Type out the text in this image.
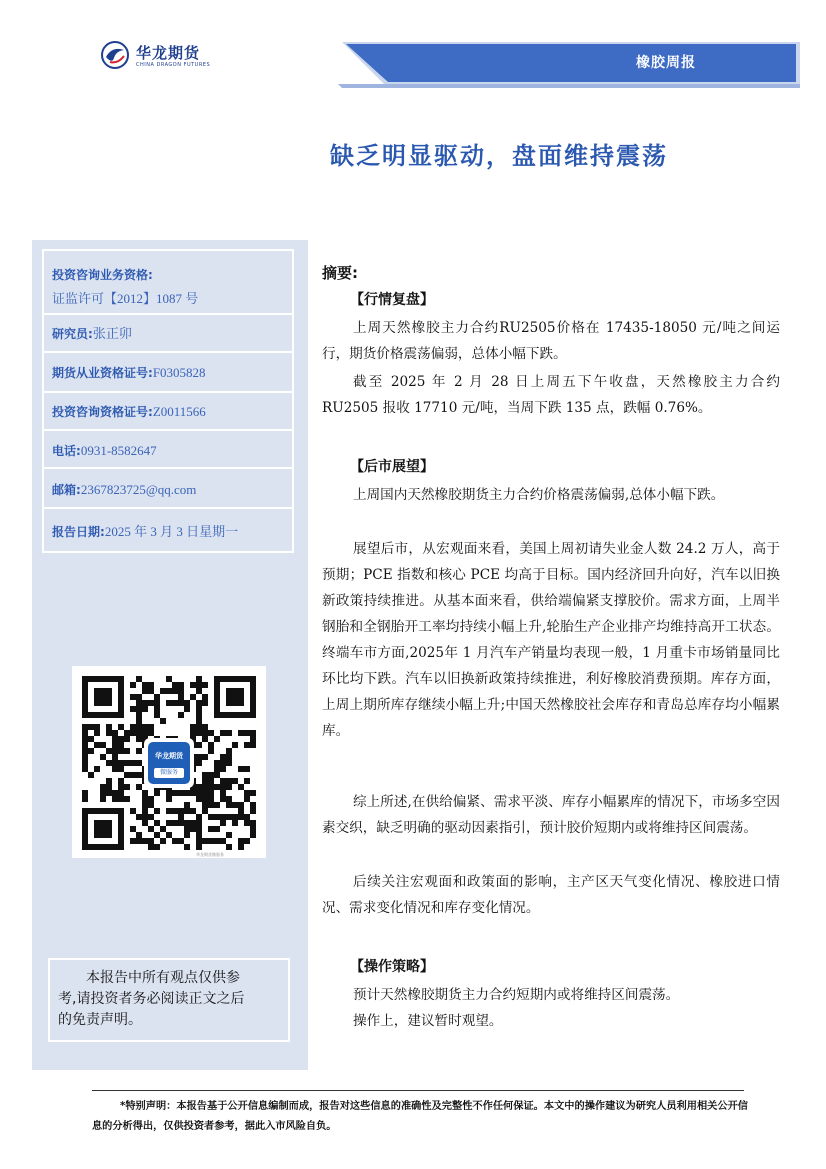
华龙期货
CHINA DRAGON FUTURES	橡胶周报
缺乏明显驱动，盘面维持震荡
投资咨询业务资格:
证监许可【2012】1087 号
研究员:张正卯
期货从业资格证号:F0305828
投资咨询资格证号:Z0011566
电话:0931-8582647
邮箱:2367823725@qq.com
报告日期:2025 年 3 月 3 日星期一
华龙期货
微服务
华龙期货微服务

本报告中所有观点仅供参
考,请投资者务必阅读正文之后
的免责声明。

摘要:
【行情复盘】
上周天然橡胶主力合约RU2505价格在 17435-18050 元/吨之间运行，期货价格震荡偏弱，总体小幅下跌。
截至 2025 年 2 月 28 日上周五下午收盘，天然橡胶主力合约RU2505 报收 17710 元/吨，当周下跌 135 点，跌幅 0.76%。
【后市展望】
上周国内天然橡胶期货主力合约价格震荡偏弱,总体小幅下跌。
展望后市，从宏观面来看，美国上周初请失业金人数 24.2 万人，高于预期；PCE 指数和核心 PCE 均高于目标。国内经济回升向好，汽车以旧换新政策持续推进。从基本面来看，供给端偏紧支撑胶价。需求方面，上周半钢胎和全钢胎开工率均持续小幅上升,轮胎生产企业排产均维持高开工状态。终端车市方面,2025年 1 月汽车产销量均表现一般，1 月重卡市场销量同比环比均下跌。汽车以旧换新政策持续推进，利好橡胶消费预期。库存方面，上周上期所库存继续小幅上升;中国天然橡胶社会库存和青岛总库存均小幅累库。
综上所述,在供给偏紧、需求平淡、库存小幅累库的情况下，市场多空因素交织，缺乏明确的驱动因素指引，预计胶价短期内或将维持区间震荡。
后续关注宏观面和政策面的影响，主产区天气变化情况、橡胶进口情况、需求变化情况和库存变化情况。
【操作策略】
预计天然橡胶期货主力合约短期内或将维持区间震荡。
操作上，建议暂时观望。
*特别声明：本报告基于公开信息编制而成，报告对这些信息的准确性及完整性不作任何保证。本文中的操作建议为研究人员利用相关公开信息的分析得出，仅供投资者参考，据此入市风险自负。
